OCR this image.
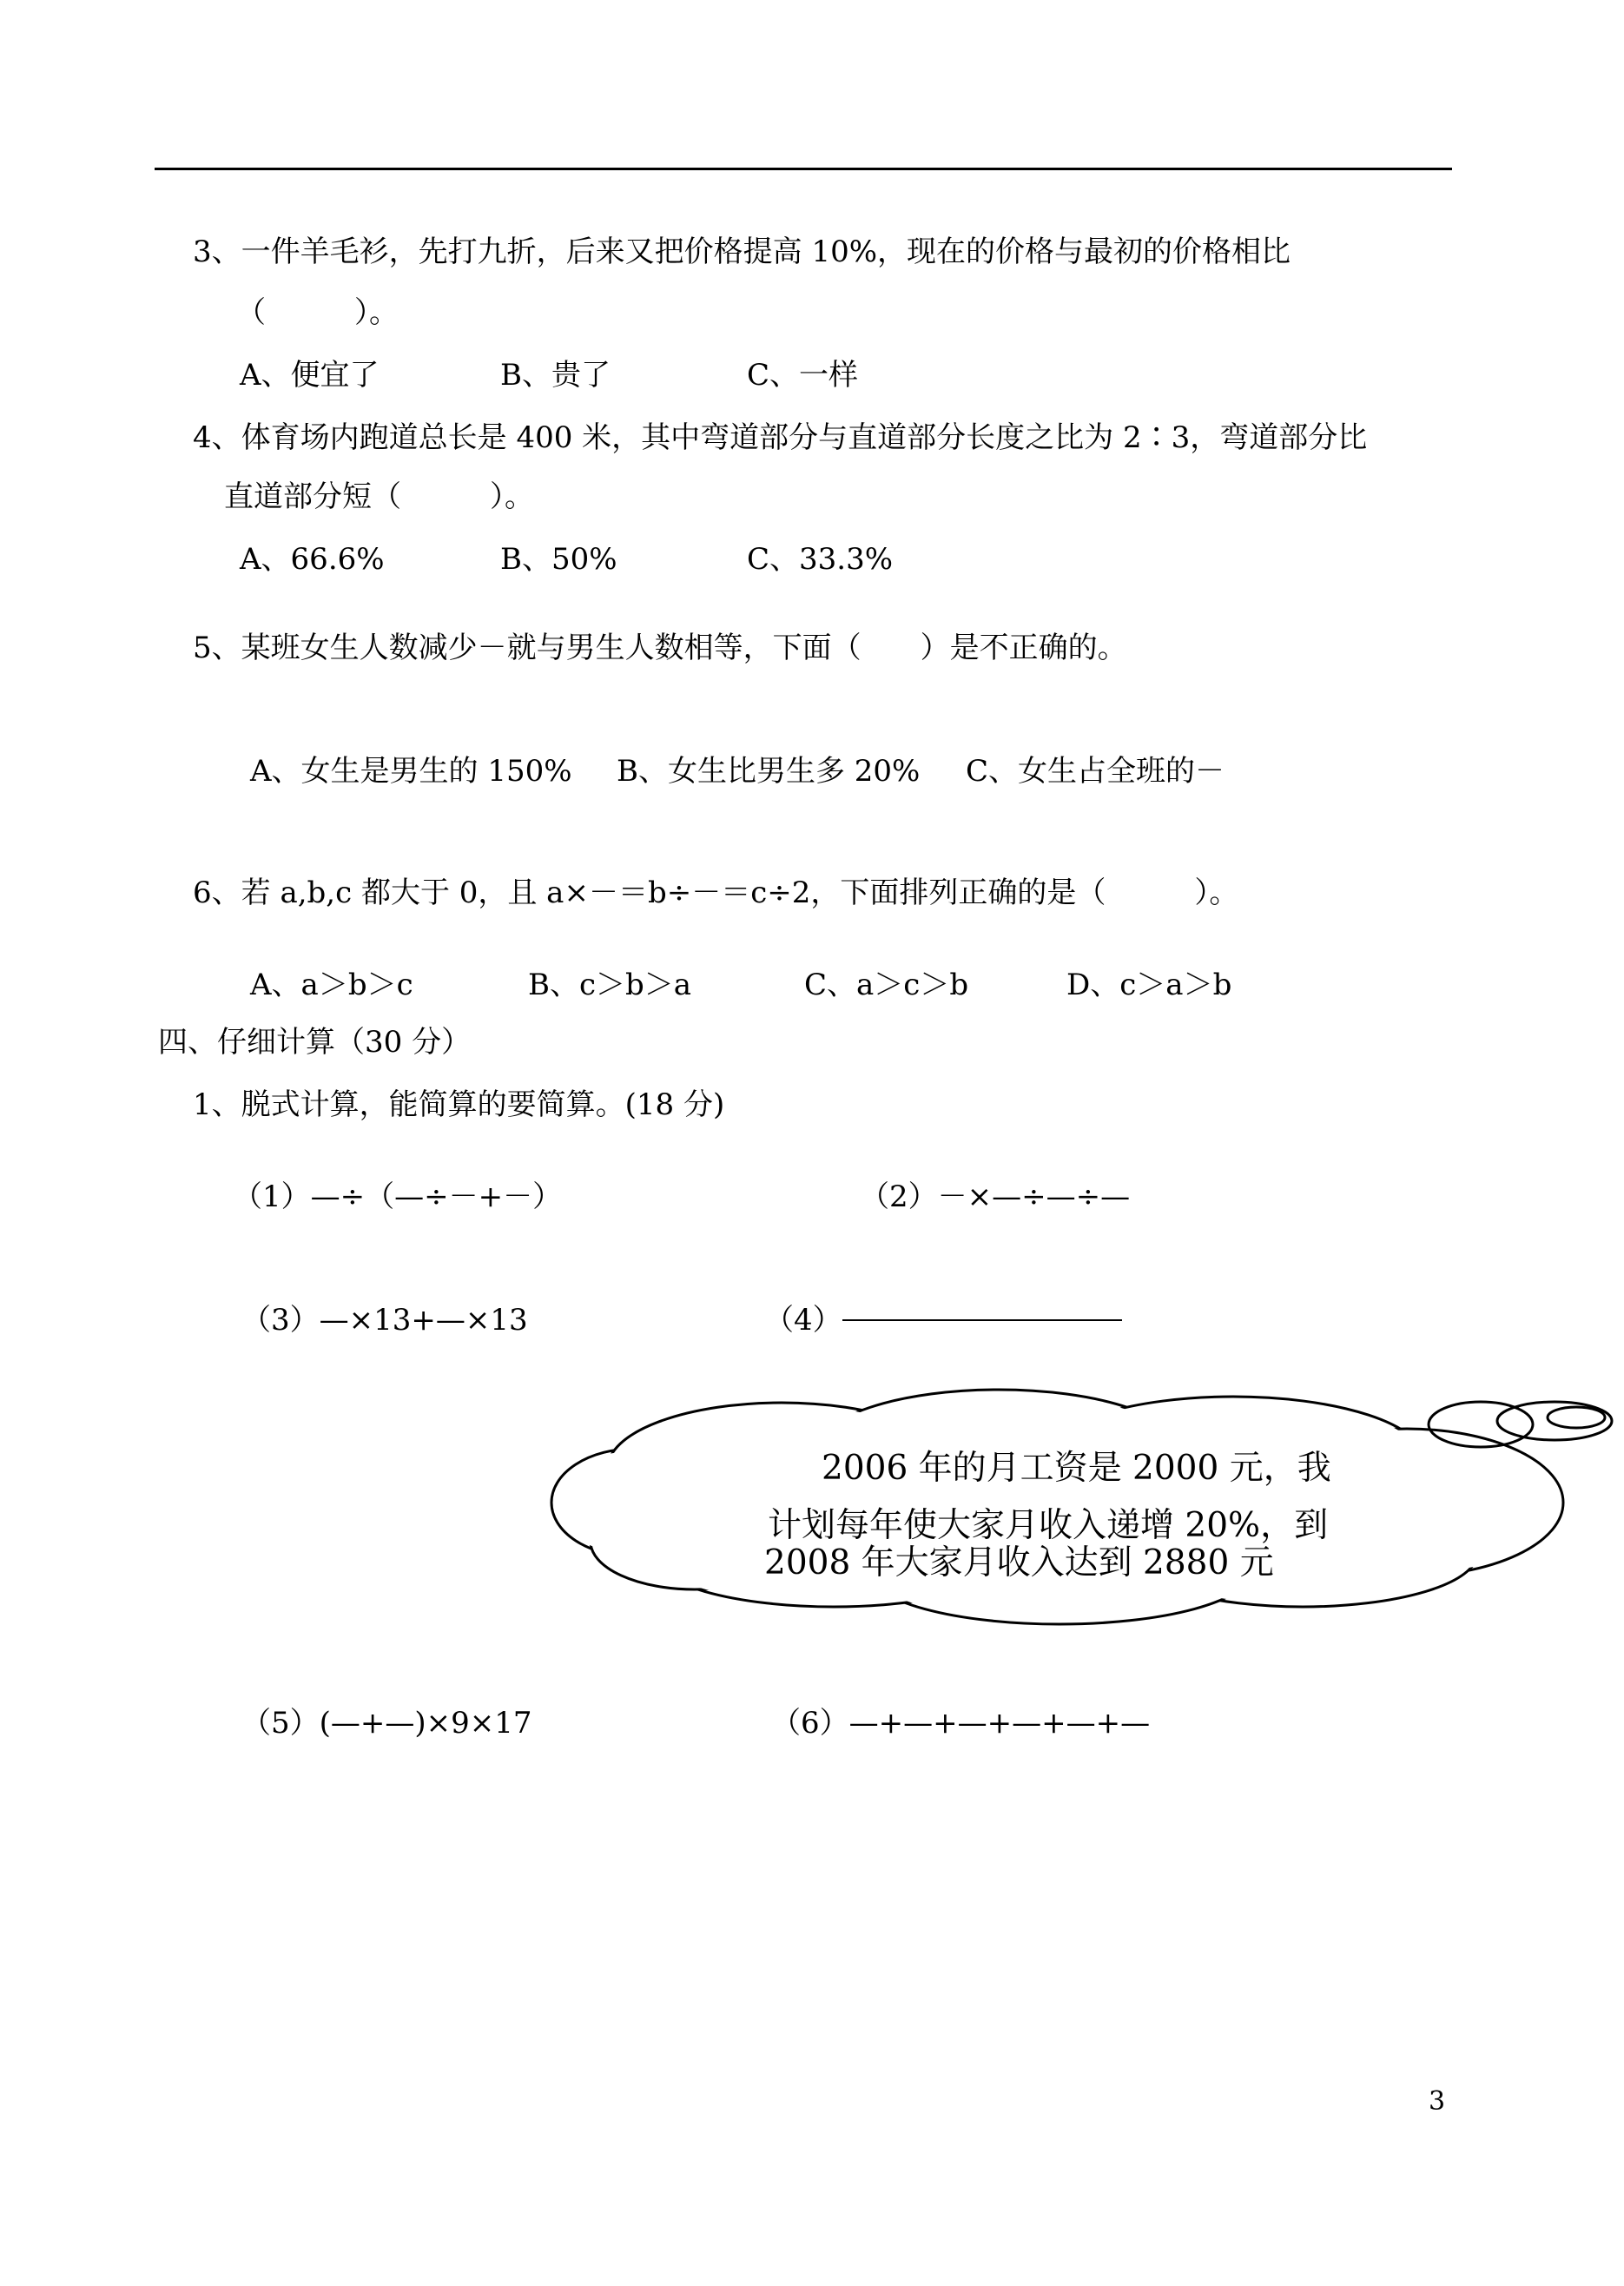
3、一件羊毛衫，先打九折，后来又把价格提高 10%，现在的价格与最初的价格相比
（　　　）。
A、便宜了	B、贵了	C、一样
4、体育场内跑道总长是 400 米，其中弯道部分与直道部分长度之比为 2∶3，弯道部分比
直道部分短（　　　）。
A、66.6%	B、50%	C、33.3%
5、某班女生人数减少－就与男生人数相等，下面（　　）是不正确的。
A、女生是男生的 150% B、女生比男生多 20% C、女生占全班的－
6、若 a,b,c 都大于 0，且 a×－＝b÷－＝c÷2，下面排列正确的是（　　　）。
A、a＞b＞c	B、c＞b＞a	C、a＞c＞b	D、c＞a＞b
四、仔细计算（30 分）
1、脱式计算，能简算的要简算。(18 分)
（1）—÷（—÷－+－）	（2）－×—÷—÷—
（3）—×13+—×13	（4）
（5）(—+—)×9×17	（6）—+—+—+—+—+—
2006 年的月工资是 2000 元，我
计划每年使大家月收入递增 20%，到
2008 年大家月收入达到 2880 元
3
